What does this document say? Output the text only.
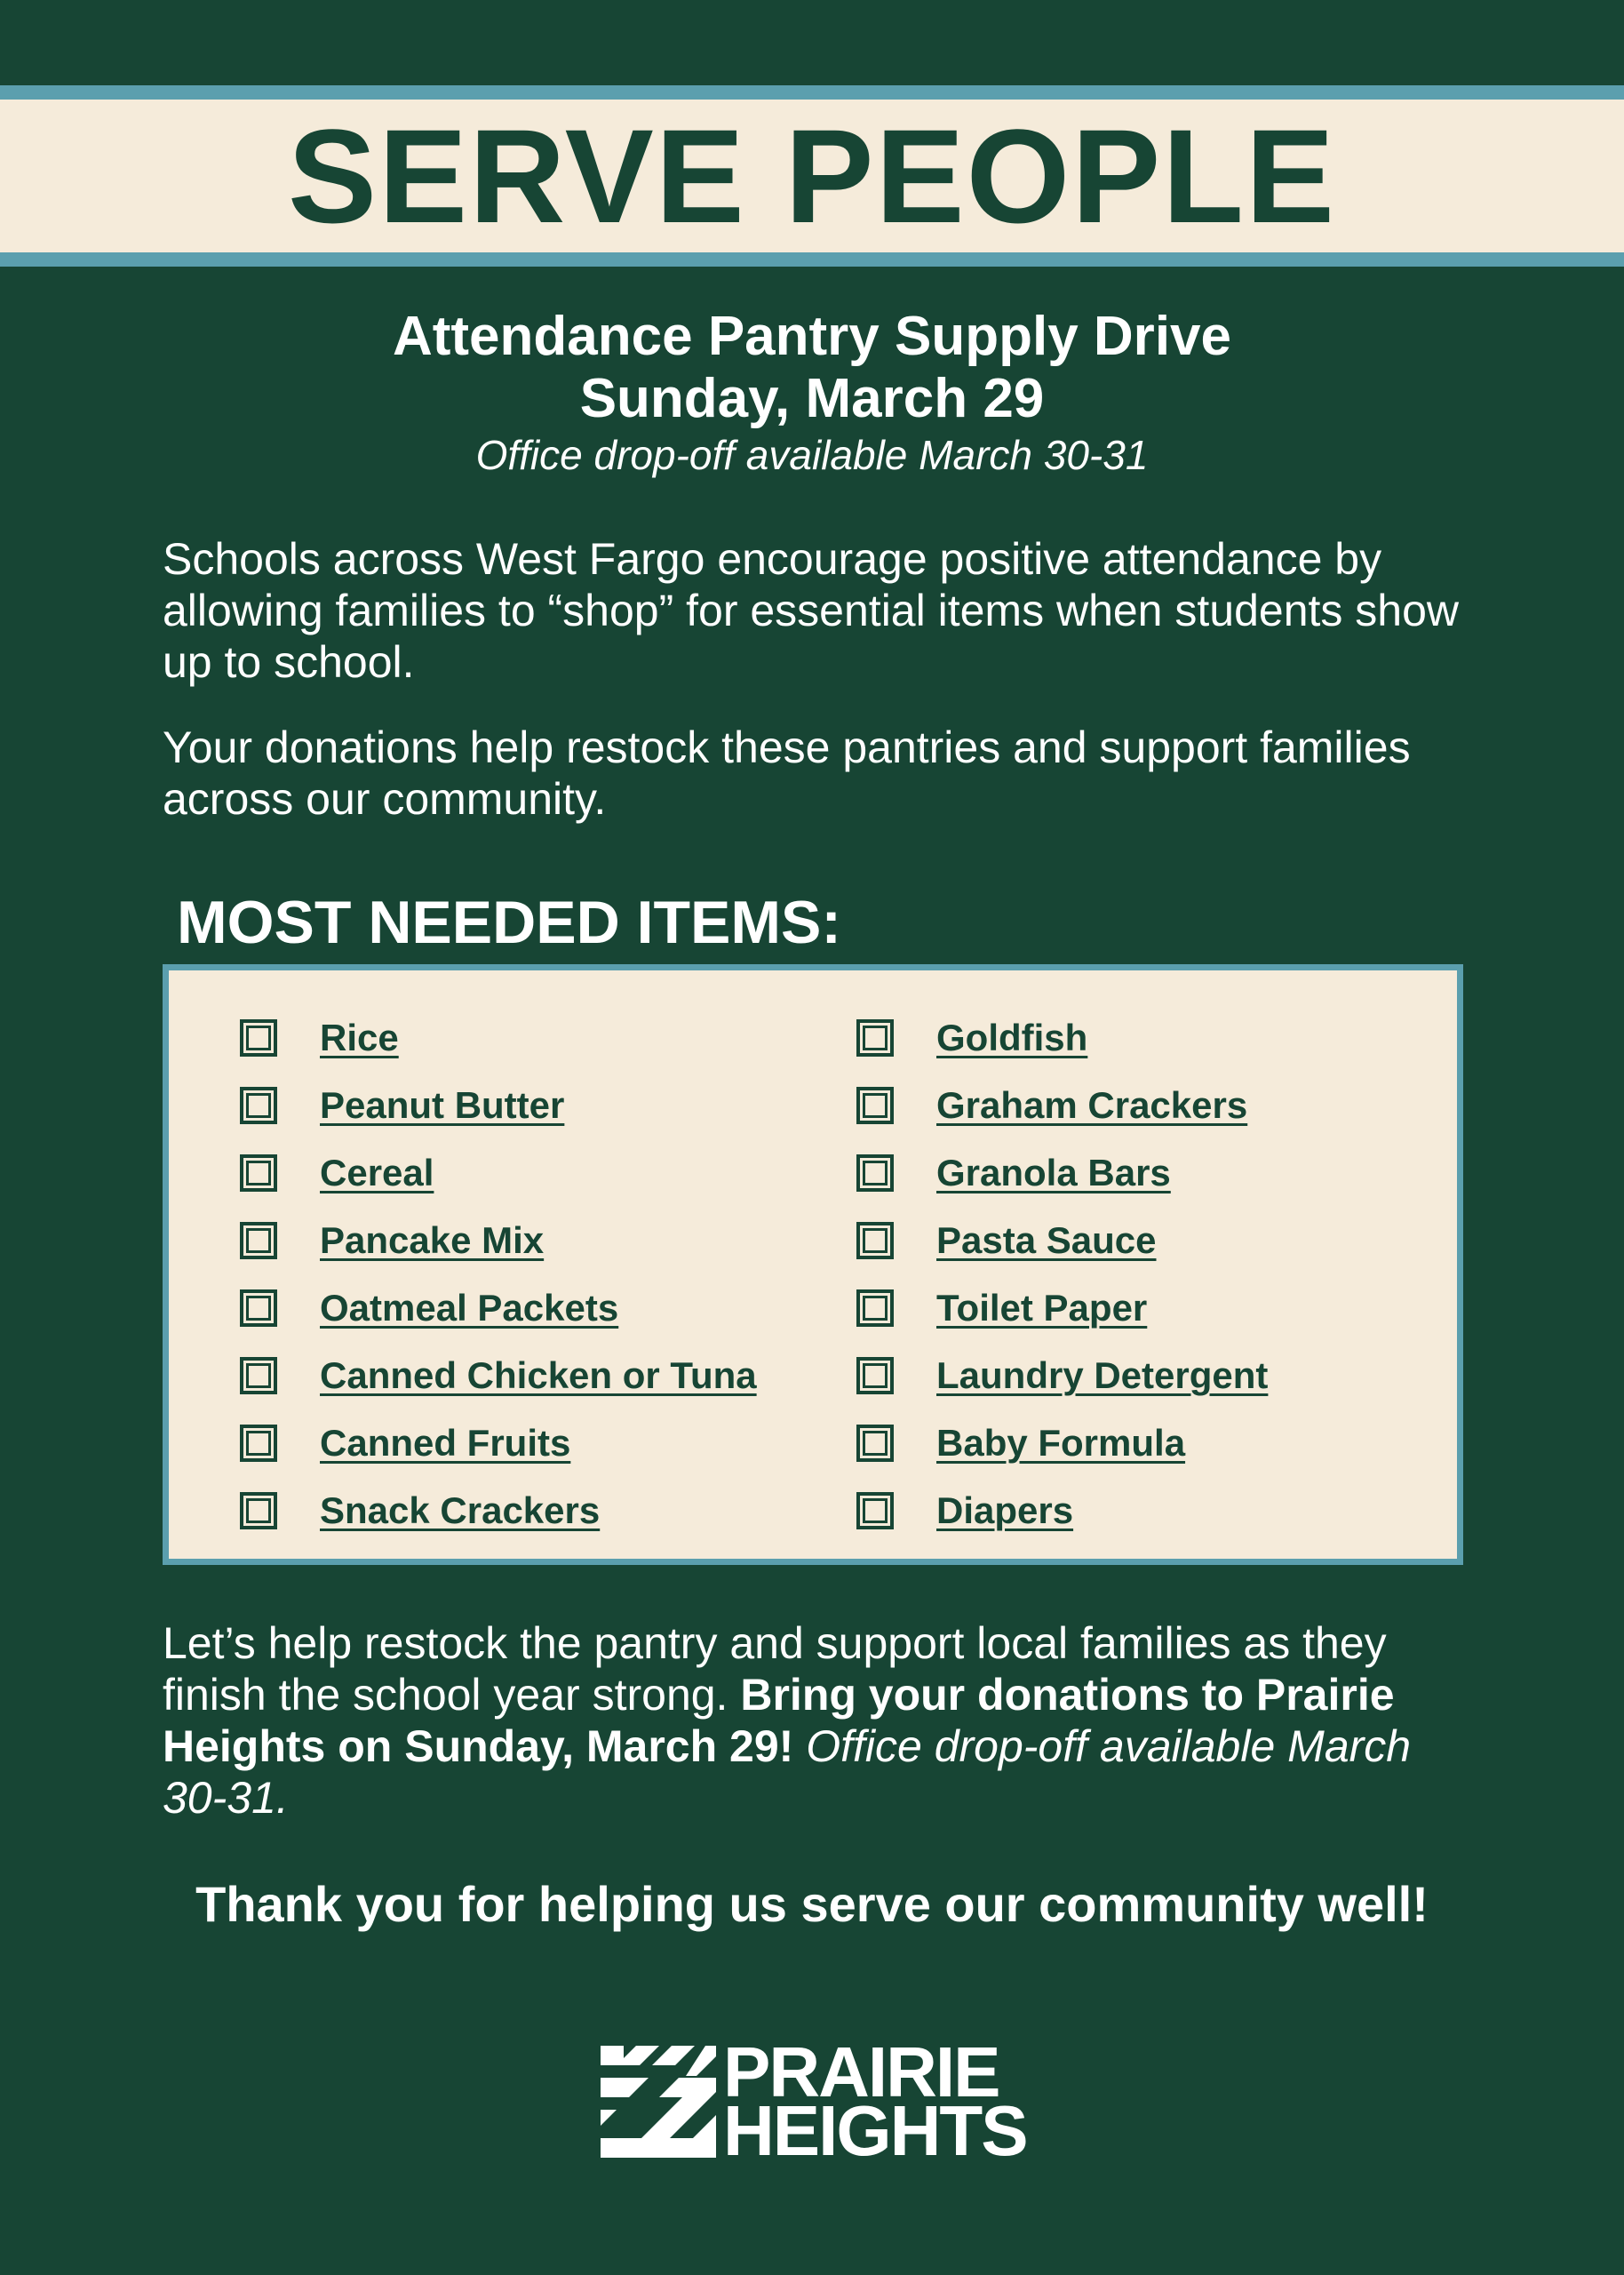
SERVE PEOPLE

Attendance Pantry Supply Drive

Sunday, March 29

Office drop-off available March 30-31

Schools across West Fargo encourage positive attendance by allowing families to “shop” for essential items when students show up to school.

Your donations help restock these pantries and support families across our community.

MOST NEEDED ITEMS:
Rice
Peanut Butter
Cereal
Pancake Mix
Oatmeal Packets
Canned Chicken or Tuna
Canned Fruits
Snack Crackers
Goldfish
Graham Crackers
Granola Bars
Pasta Sauce
Toilet Paper
Laundry Detergent
Baby Formula
Diapers

Let’s help restock the pantry and support local families as they finish the school year strong. Bring your donations to Prairie Heights on Sunday, March 29! Office drop-off available March 30-31.

Thank you for helping us serve our community well!

PRAIRIE
HEIGHTS
